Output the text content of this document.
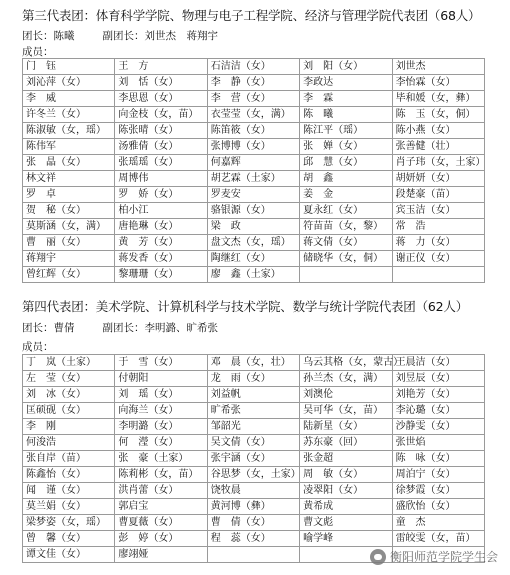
第三代表团：体育科学学院、物理与电子工程学院、经济与管理学院代表团（68人）
团长：陈曦	副团长：刘世杰　蒋翔宇
成员：
门　钰	王　方	石洁洁（女）	刘　阳（女）	刘世杰
刘沁萍（女）	刘　恬（女）	李　静（女）	李政达	李怡霖（女）
李　威	李思恩（女）	李　营（女）	李　霖	毕和媛（女，彝）
许冬兰（女）	向金枝（女，苗）	衣莹莹（女，满）	陈　曦	陈　玉（女，侗）
陈淑敏（女，瑶）	陈张晴（女）	陈笛筱（女）	陈江平（瑶）	陈小燕（女）
陈伟军	汤雅倩（女）	张博博（女）	张　婵（女）	张善健（壮）
张　晶（女）	张瑶瑶（女）	何嘉辉	邱　慧（女）	肖子玮（女，土家）
林文祥	周博伟	胡艺霖（土家）	胡　鑫	胡妍妍（女）
罗　卓	罗　娇（女）	罗麦安	姜　金	段楚豪（苗）
贺　秘（女）	柏小江	骆银源（女）	夏永红（女）	宾玉洁（女）
莫斯涵（女，满）	唐艳琳（女）	梁　政	符苗苗（女，黎）	常　浩
曹　丽（女）	黄　芳（女）	盘文杰（女，瑶）	蒋文倩（女）	蒋　力（女）
蒋翔宇	蒋发香（女）	陶继红（女）	储晓华（女，侗）	谢正仪（女）
曾红辉（女）	黎珊珊（女）	廖　鑫（土家）		
第四代表团：美术学院、计算机科学与技术学院、数学与统计学院代表团（62人）
团长：曹倩	副团长：李明潞、旷希张
成员：
丁　岚（土家）	于　雪（女）	邓　晨（女，壮）	乌云其格（女，蒙古）	王晨洁（女）
左　莹（女）	付朝阳	龙　雨（女）	孙兰杰（女，满）	刘昱辰（女）
刘　冰（女）	刘　瑶（女）	刘益帆	刘澳伦	刘艳芳（女）
匡硕砚（女）	向海兰（女）	旷希张	吴可华（女，苗）	李沁璐（女）
李　刚	李明潞（女）	邹韶光	陆新星（女）	沙静雯（女）
何浚浩	何　瀅（女）	吴文倩（女）	苏东豪（回）	张世焰
张自岸（苗）	张　豪（土家）	张宇涵（女）	张金超	陈　咏（女）
陈鑫怡（女）	陈莉彬（女，苗）	谷思梦（女，土家）	周　敏（女）	周泊宁（女）
闻　谨（女）	洪肖蕾（女）	饶牧晨	凌翠阳（女）	徐梦霞（女）
莫兰娟（女）	郭启宝	黄河博（彝）	黄希成	盛欣怡（女）
梁梦姿（女，瑶）	曹夏薇（女）	曹　倩（女）	曹文彪	童　杰
曾　馨（女）	彭　婷（女）	程　蕊（女）	喻学峰	雷皎雯（女，苗）
谭文佳（女）	廖翊娅				衡阳师范学院学生会
